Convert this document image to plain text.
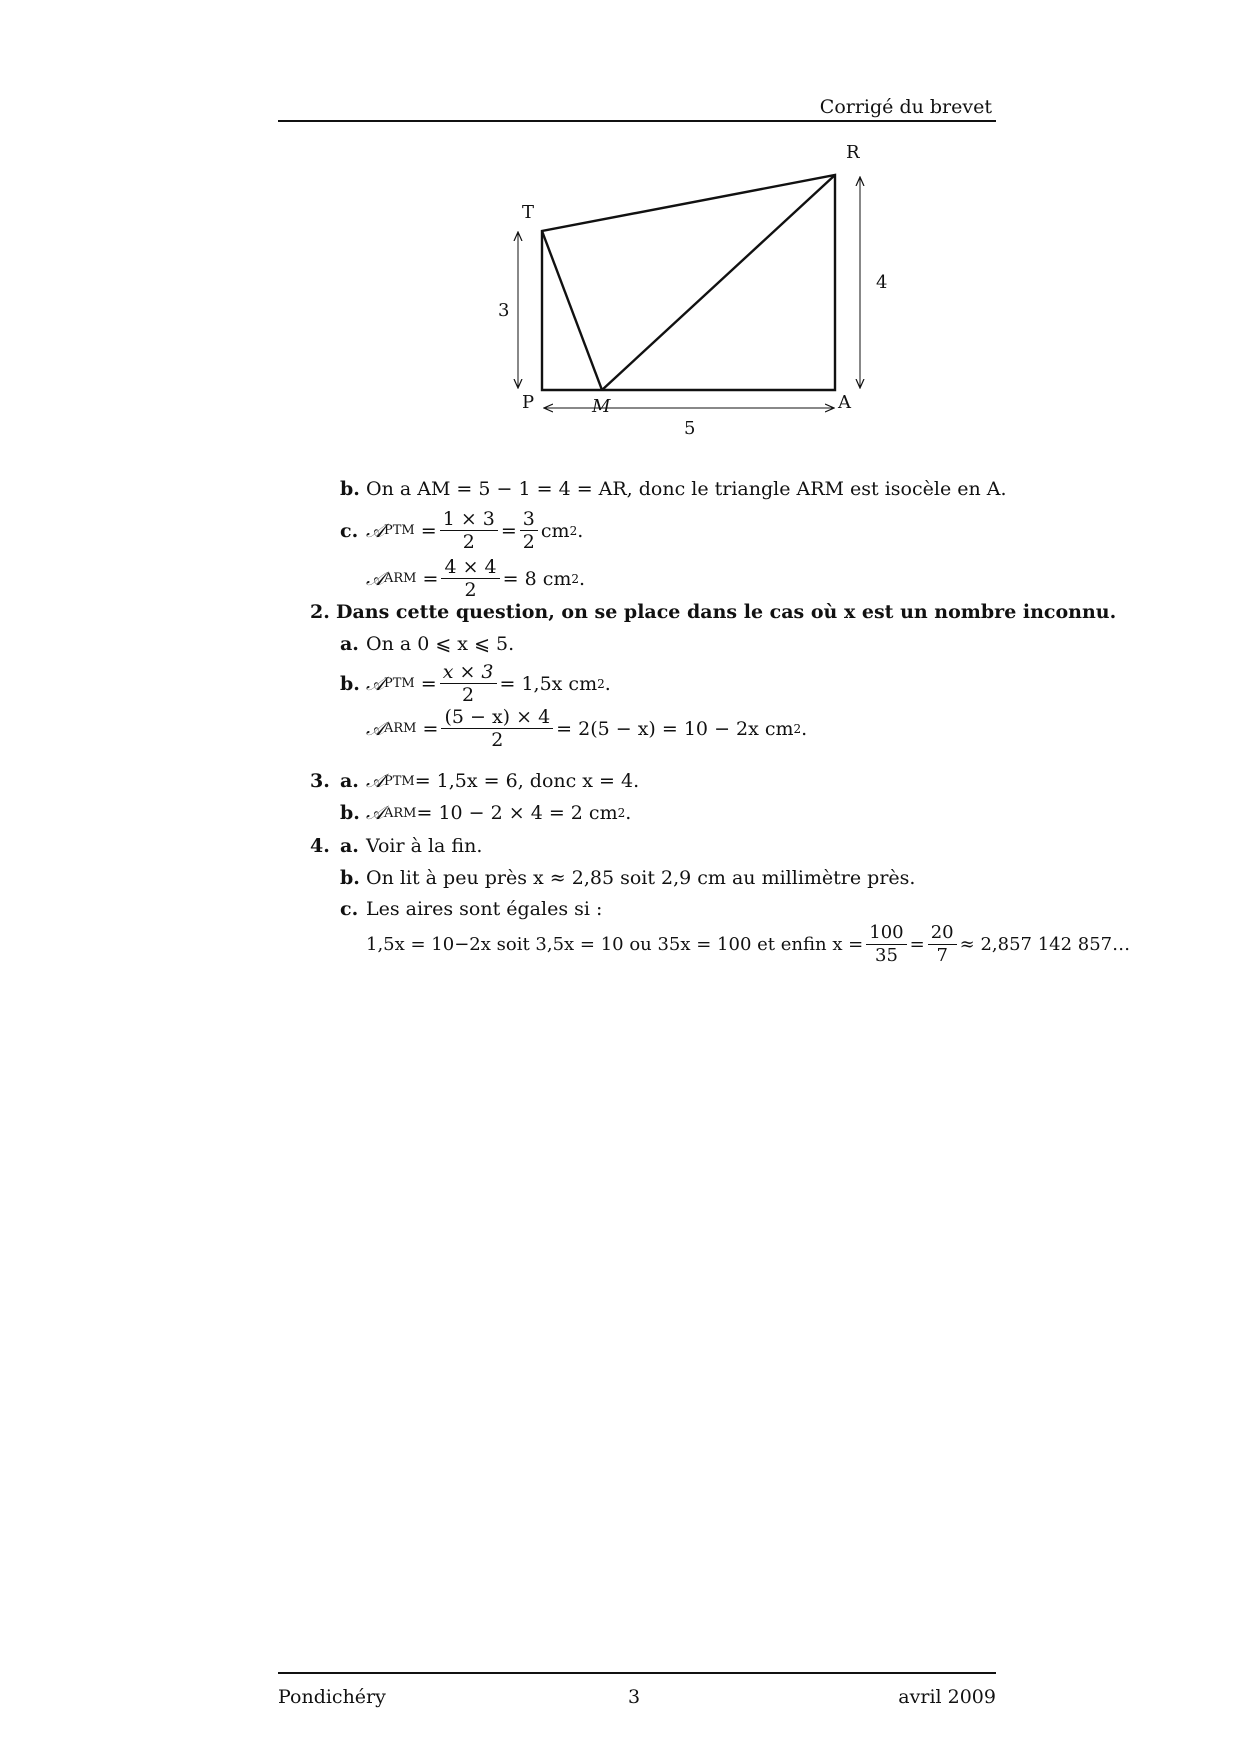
Corrigé du brevet
R
T
P	M	A
3
4
5
b. On a AM = 5 − 1 = 4 = AR, donc le triangle ARM est isocèle en A.
c. 𝒜 PTM = $\frac{1 \times 3}{2} = \frac{3}{2}$ cm 2 .
𝒜 ARM = $\frac{4 \times 4}{2} = 8$ cm 2 .
2. Dans cette question, on se place dans le cas où x est un nombre inconnu.
a. On a 0 ⩽ x ⩽ 5.
b. 𝒜 PTM = $\frac{x \times 3}{2} = 1,5x$ cm 2 .
𝒜 ARM = $\frac{(5 - x) \times 4}{2} = 2(5 - x) = 10 - 2x$ cm 2 .
3. a. 𝒜 PTM = 1,5x = 6, donc x = 4.
b. 𝒜 ARM = 10 − 2 × 4 = 2 cm 2 .
4. a. Voir à la fin.
b. On lit à peu près x ≈ 2,85 soit 2,9 cm au millimètre près.
c. Les aires sont égales si :
1,5x = 10−2x soit 3,5x = 10 ou 35x = 100 et enfin $x = \frac{100}{35} = \frac{20}{7} \approx 2,857$ 142 857…
Pondichéry	3	avril 2009
